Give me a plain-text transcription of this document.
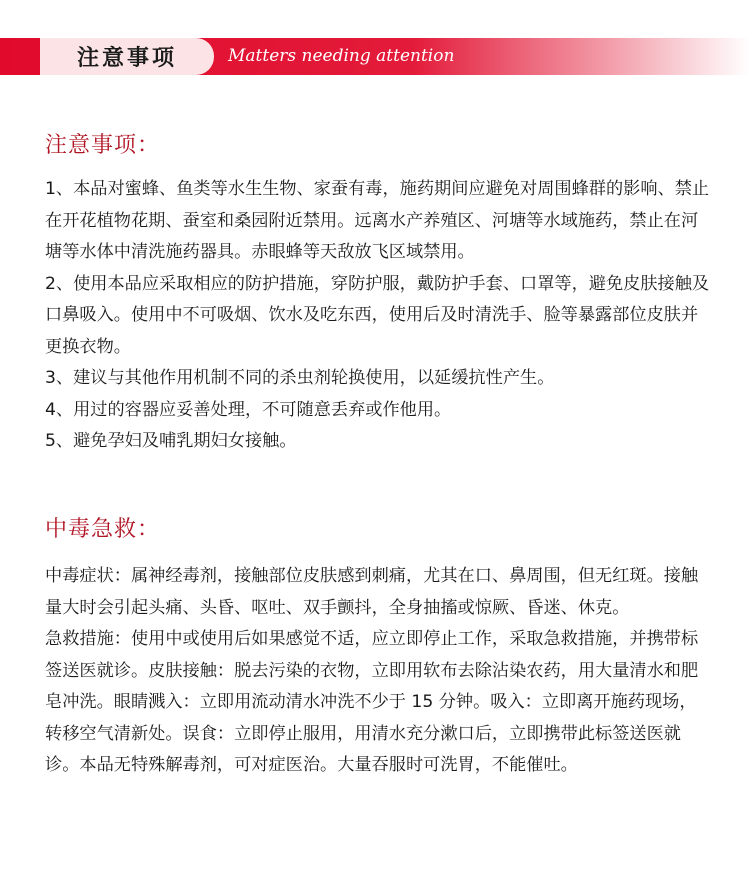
注意事项	Matters needing attention
注意事项：

1、本品对蜜蜂、鱼类等水生生物、家蚕有毒，施药期间应避免对周围蜂群的影响、禁止在开花植物花期、蚕室和桑园附近禁用。远离水产养殖区、河塘等水域施药，禁止在河塘等水体中清洗施药器具。赤眼蜂等天敌放飞区域禁用。

2、使用本品应采取相应的防护措施，穿防护服，戴防护手套、口罩等，避免皮肤接触及口鼻吸入。使用中不可吸烟、饮水及吃东西，使用后及时清洗手、脸等暴露部位皮肤并更换衣物。

3、建议与其他作用机制不同的杀虫剂轮换使用，以延缓抗性产生。

4、用过的容器应妥善处理，不可随意丢弃或作他用。

5、避免孕妇及哺乳期妇女接触。

中毒急救：

中毒症状：属神经毒剂，接触部位皮肤感到刺痛，尤其在口、鼻周围，但无红斑。接触量大时会引起头痛、头昏、呕吐、双手颤抖，全身抽搐或惊厥、昏迷、休克。

急救措施：使用中或使用后如果感觉不适，应立即停止工作，采取急救措施，并携带标签送医就诊。皮肤接触：脱去污染的衣物，立即用软布去除沾染农药，用大量清水和肥皂冲洗。眼睛溅入：立即用流动清水冲洗不少于 15 分钟。吸入：立即离开施药现场，转移空气清新处。误食：立即停止服用，用清水充分漱口后，立即携带此标签送医就诊。本品无特殊解毒剂，可对症医治。大量吞服时可洗胃，不能催吐。
